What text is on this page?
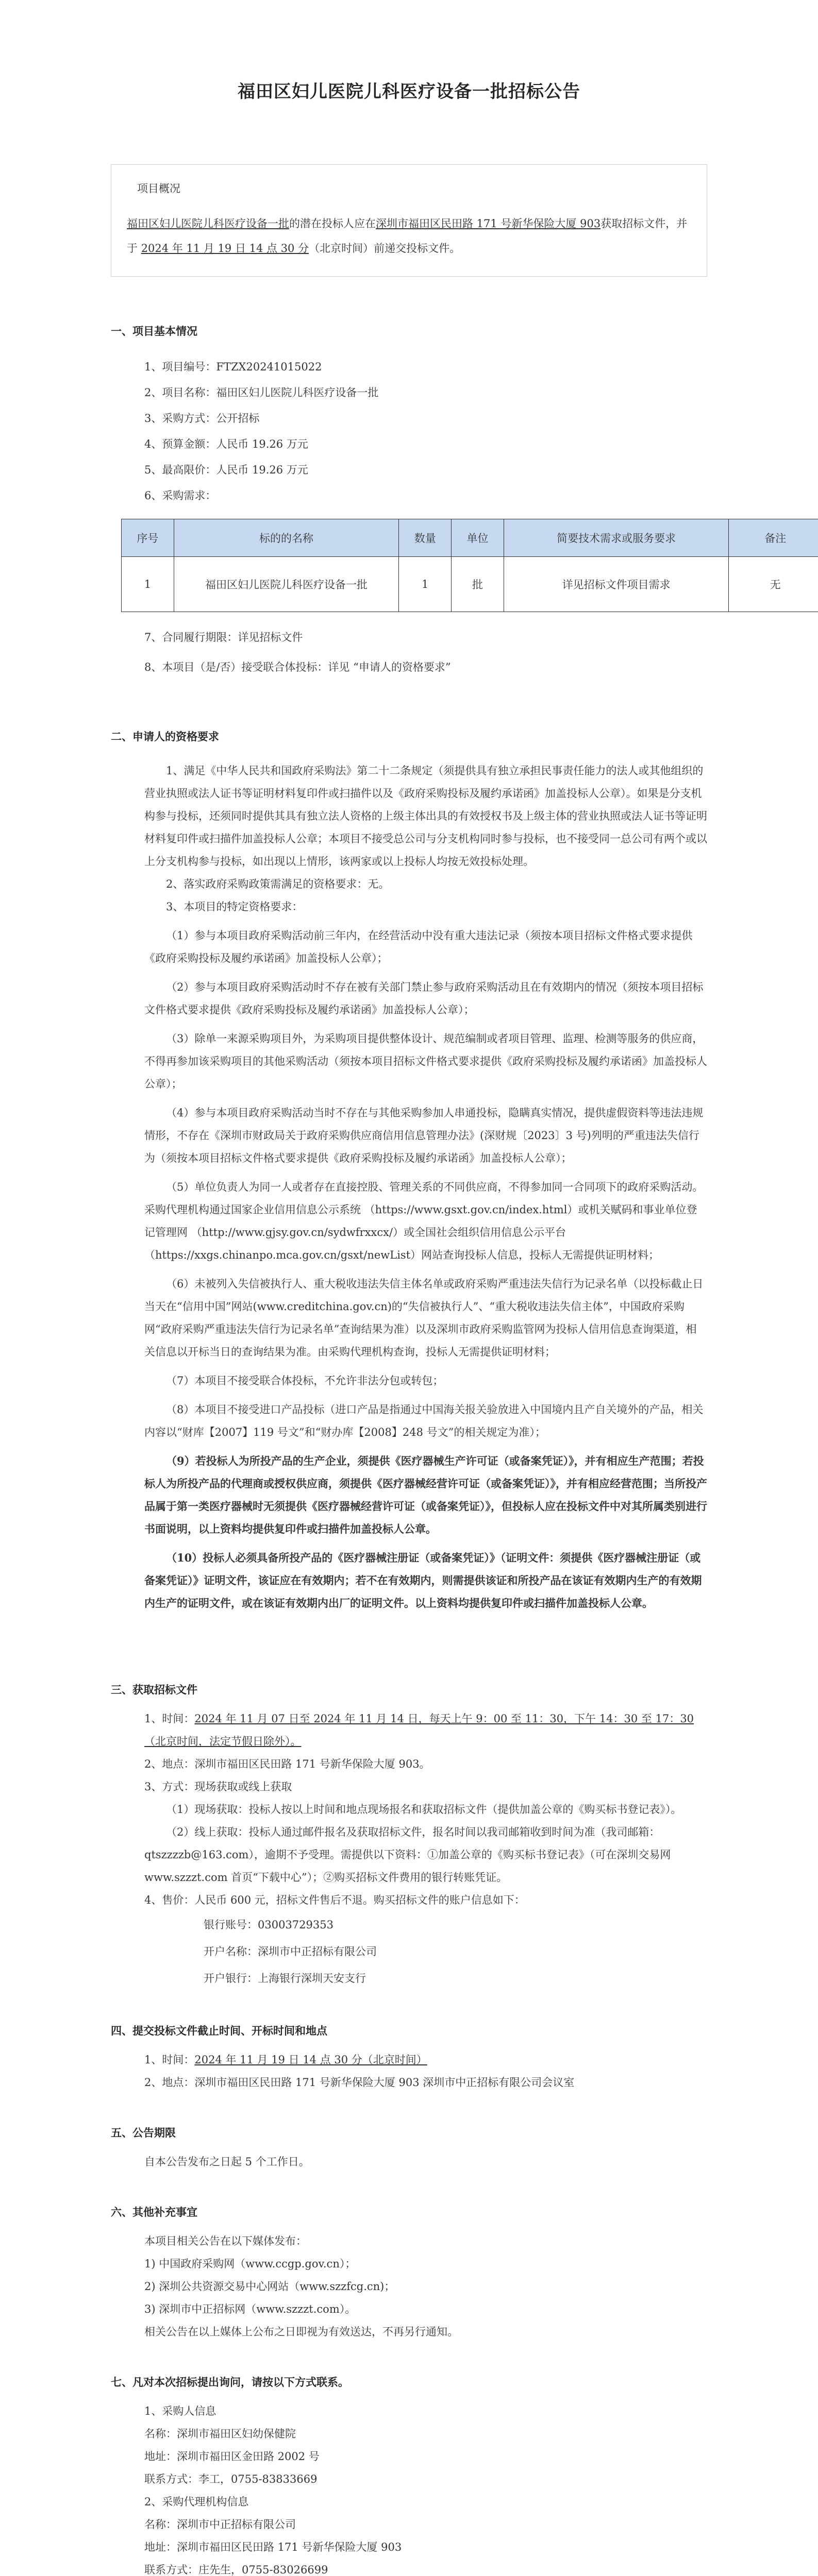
福田区妇儿医院儿科医疗设备一批招标公告
项目概况
福田区妇儿医院儿科医疗设备一批的潜在投标人应在深圳市福田区民田路 171 号新华保险大厦 903获取招标文件，并于 2024 年 11 月 19 日 14 点 30 分（北京时间）前递交投标文件。
一、项目基本情况
1、项目编号：FTZX20241015022
2、项目名称：福田区妇儿医院儿科医疗设备一批
3、采购方式：公开招标
4、预算金额：人民币 19.26 万元
5、最高限价：人民币 19.26 万元
6、采购需求：
序号	标的的名称	数量	单位	简要技术需求或服务要求	备注
1	福田区妇儿医院儿科医疗设备一批	1	批	详见招标文件项目需求	无
7、合同履行期限：详见招标文件
8、本项目（是/否）接受联合体投标：详见 “申请人的资格要求”
二、申请人的资格要求
1、满足《中华人民共和国政府采购法》第二十二条规定（须提供具有独立承担民事责任能力的法人或其他组织的营业执照或法人证书等证明材料复印件或扫描件以及《政府采购投标及履约承诺函》加盖投标人公章）。如果是分支机构参与投标，还须同时提供其具有独立法人资格的上级主体出具的有效授权书及上级主体的营业执照或法人证书等证明材料复印件或扫描件加盖投标人公章；本项目不接受总公司与分支机构同时参与投标，也不接受同一总公司有两个或以上分支机构参与投标，如出现以上情形，该两家或以上投标人均按无效投标处理。
2、落实政府采购政策需满足的资格要求：无。
3、本项目的特定资格要求：
（1）参与本项目政府采购活动前三年内，在经营活动中没有重大违法记录（须按本项目招标文件格式要求提供《政府采购投标及履约承诺函》加盖投标人公章）；
（2）参与本项目政府采购活动时不存在被有关部门禁止参与政府采购活动且在有效期内的情况（须按本项目招标文件格式要求提供《政府采购投标及履约承诺函》加盖投标人公章）；
（3）除单一来源采购项目外，为采购项目提供整体设计、规范编制或者项目管理、监理、检测等服务的供应商，不得再参加该采购项目的其他采购活动（须按本项目招标文件格式要求提供《政府采购投标及履约承诺函》加盖投标人公章）；
（4）参与本项目政府采购活动当时不存在与其他采购参加人串通投标，隐瞒真实情况，提供虚假资料等违法违规情形，不存在《深圳市财政局关于政府采购供应商信用信息管理办法》(深财规〔2023〕3 号)列明的严重违法失信行为（须按本项目招标文件格式要求提供《政府采购投标及履约承诺函》加盖投标人公章）；
（5）单位负责人为同一人或者存在直接控股、管理关系的不同供应商，不得参加同一合同项下的政府采购活动。采购代理机构通过国家企业信用信息公示系统 （https://www.gsxt.gov.cn/index.html）或机关赋码和事业单位登记管理网 （http://www.gjsy.gov.cn/sydwfrxxcx/）或全国社会组织信用信息公示平台 （https://xxgs.chinanpo.mca.gov.cn/gsxt/newList）网站查询投标人信息，投标人无需提供证明材料；
（6）未被列入失信被执行人、重大税收违法失信主体名单或政府采购严重违法失信行为记录名单（以投标截止日当天在“信用中国”网站(www.creditchina.gov.cn)的“失信被执行人”、“重大税收违法失信主体”，中国政府采购网“政府采购严重违法失信行为记录名单”查询结果为准）以及深圳市政府采购监管网为投标人信用信息查询渠道，相关信息以开标当日的查询结果为准。由采购代理机构查询，投标人无需提供证明材料；
（7）本项目不接受联合体投标，不允许非法分包或转包；
（8）本项目不接受进口产品投标（进口产品是指通过中国海关报关验放进入中国境内且产自关境外的产品，相关内容以“财库【2007】119 号文”和“财办库【2008】248 号文”的相关规定为准）；
（9）若投标人为所投产品的生产企业，须提供《医疗器械生产许可证（或备案凭证）》，并有相应生产范围；若投标人为所投产品的代理商或授权供应商，须提供《医疗器械经营许可证（或备案凭证）》，并有相应经营范围；当所投产品属于第一类医疗器械时无须提供《医疗器械经营许可证（或备案凭证）》，但投标人应在投标文件中对其所属类别进行书面说明，以上资料均提供复印件或扫描件加盖投标人公章。
（10）投标人必须具备所投产品的《医疗器械注册证（或备案凭证）》（证明文件：须提供《医疗器械注册证（或备案凭证）》证明文件，该证应在有效期内；若不在有效期内，则需提供该证和所投产品在该证有效期内生产的有效期内生产的证明文件，或在该证有效期内出厂的证明文件。以上资料均提供复印件或扫描件加盖投标人公章。
三、获取招标文件
1、时间：2024 年 11 月 07 日至 2024 年 11 月 14 日，每天上午 9：00 至 11：30，下午 14：30 至 17：30（北京时间，法定节假日除外）。
2、地点：深圳市福田区民田路 171 号新华保险大厦 903。
3、方式：现场获取或线上获取
（1）现场获取：投标人按以上时间和地点现场报名和获取招标文件（提供加盖公章的《购买标书登记表》）。
（2）线上获取：投标人通过邮件报名及获取招标文件，报名时间以我司邮箱收到时间为准（我司邮箱：qtszzzzb@163.com），逾期不予受理。需提供以下资料：①加盖公章的《购买标书登记表》（可在深圳交易网 www.szzzt.com 首页“下载中心”）；②购买招标文件费用的银行转账凭证。
4、售价：人民币 600 元，招标文件售后不退。购买招标文件的账户信息如下：
银行账号：03003729353
开户名称：深圳市中正招标有限公司
开户银行：上海银行深圳天安支行
四、提交投标文件截止时间、开标时间和地点
1、时间：2024 年 11 月 19 日 14 点 30 分（北京时间）
2、地点：深圳市福田区民田路 171 号新华保险大厦 903 深圳市中正招标有限公司会议室
五、公告期限
自本公告发布之日起 5 个工作日。
六、其他补充事宜
本项目相关公告在以下媒体发布：
1) 中国政府采购网（www.ccgp.gov.cn）；
2) 深圳公共资源交易中心网站（www.szzfcg.cn)；
3) 深圳市中正招标网（www.szzzt.com）。
相关公告在以上媒体上公布之日即视为有效送达，不再另行通知。
七、凡对本次招标提出询问，请按以下方式联系。
1、采购人信息
名称：深圳市福田区妇幼保健院
地址：深圳市福田区金田路 2002 号
联系方式：李工，0755-83833669
2、采购代理机构信息
名称：深圳市中正招标有限公司
地址：深圳市福田区民田路 171 号新华保险大厦 903
联系方式：庄先生，0755-83026699
